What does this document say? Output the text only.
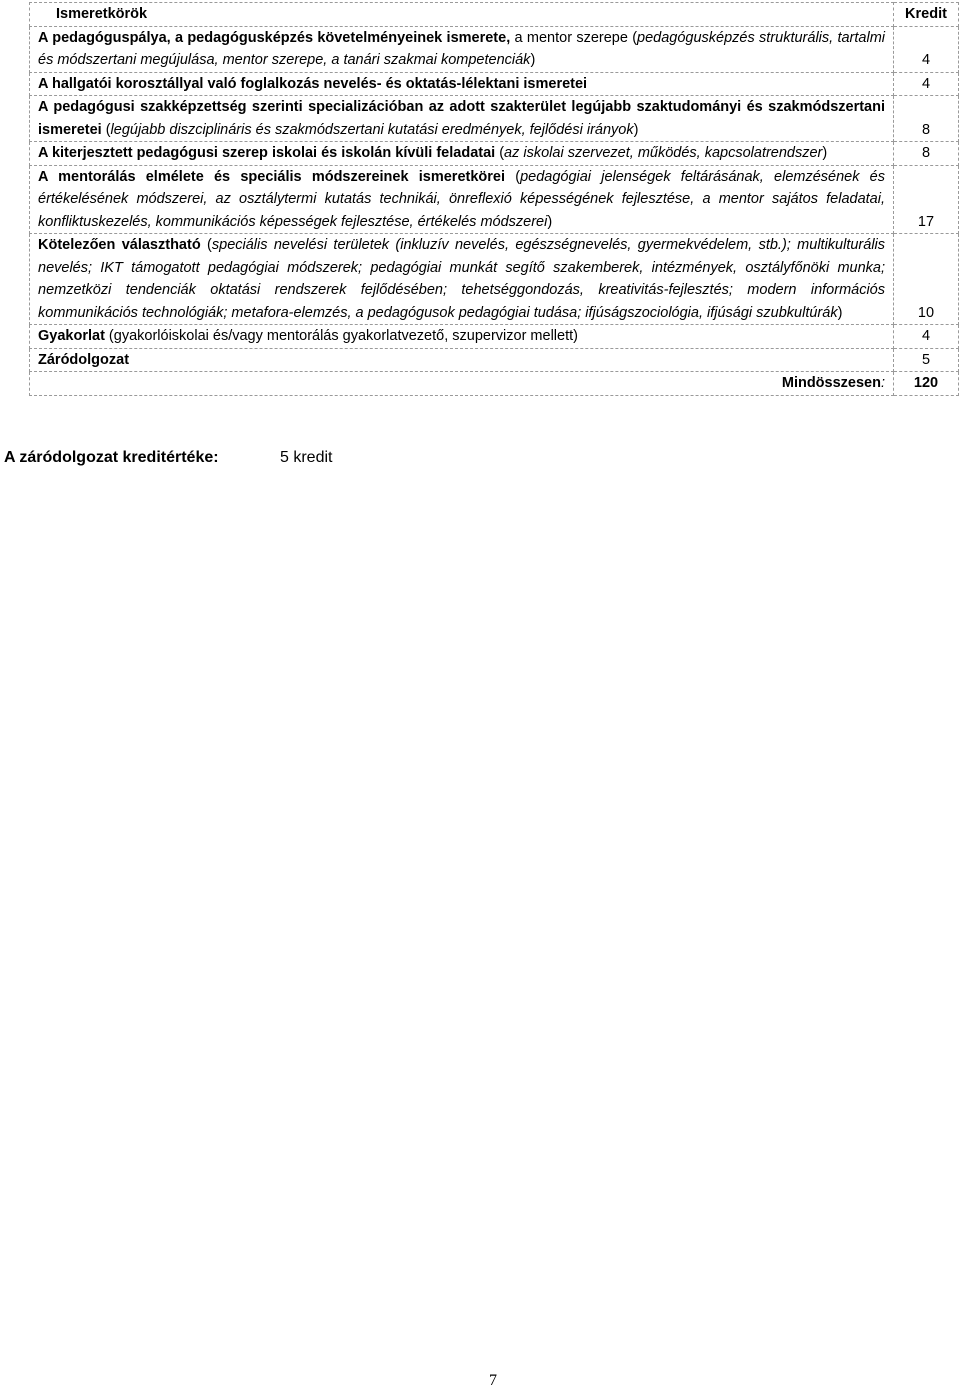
Ismeretkörök	Kredit
A pedagóguspálya, a pedagógusképzés követelményeinek ismerete, a mentor szerepe (pedagógusképzés strukturális, tartalmi és módszertani megújulása, mentor szerepe, a tanári szakmai kompetenciák)	4
A hallgatói korosztállyal való foglalkozás nevelés- és oktatás-lélektani ismeretei	4
A pedagógusi szakképzettség szerinti specializációban az adott szakterület legújabb szaktudományi és szakmódszertani ismeretei (legújabb diszciplináris és szakmódszertani kutatási eredmények, fejlődési irányok)	8
A kiterjesztett pedagógusi szerep iskolai és iskolán kívüli feladatai (az iskolai szervezet, működés, kapcsolatrendszer)	8
A mentorálás elmélete és speciális módszereinek ismeretkörei (pedagógiai jelenségek feltárásának, elemzésének és értékelésének módszerei, az osztálytermi kutatás technikái, önreflexió képességének fejlesztése, a mentor sajátos feladatai, konfliktuskezelés, kommunikációs képességek fejlesztése, értékelés módszerei)	17
Kötelezően választható (speciális nevelési területek (inkluzív nevelés, egészségnevelés, gyermekvédelem, stb.); multikulturális nevelés; IKT támogatott pedagógiai módszerek; pedagógiai munkát segítő szakemberek, intézmények, osztályfőnöki munka; nemzetközi tendenciák oktatási rendszerek fejlődésében; tehetséggondozás, kreativitás-fejlesztés; modern információs kommunikációs technológiák; metafora-elemzés, a pedagógusok pedagógiai tudása; ifjúságszociológia, ifjúsági szubkultúrák)	10
Gyakorlat (gyakorlóiskolai és/vagy mentorálás gyakorlatvezető, szupervizor mellett)	4
Záródolgozat	5
Mindösszesen:	120
A záródolgozat kreditértéke:	5 kredit
7
